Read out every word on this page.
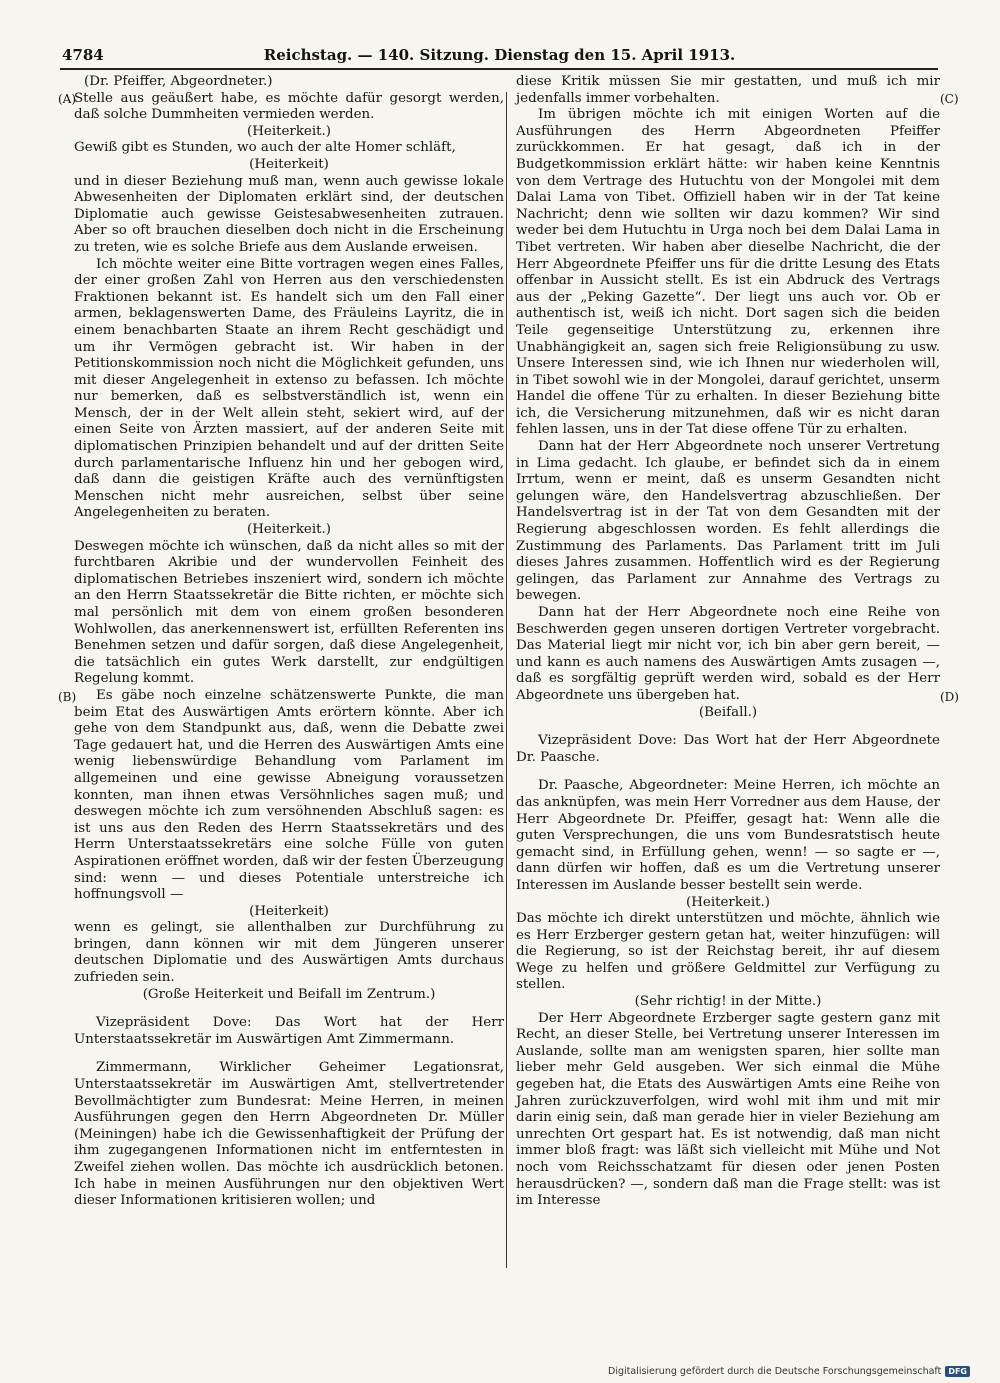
4784	Reichstag. — 140. Sitzung. Dienstag den 15. April 1913.
(A)
(B)
(C)
(D)

(Dr. Pfeiffer, Abgeordneter.)

Stelle aus geäußert habe, es möchte dafür gesorgt werden, daß solche Dummheiten vermieden werden.

(Heiterkeit.)

Gewiß gibt es Stunden, wo auch der alte Homer schläft,

(Heiterkeit)

und in dieser Beziehung muß man, wenn auch gewisse lokale Abwesenheiten der Diplomaten erklärt sind, der deutschen Diplomatie auch gewisse Geistesabwesenheiten zutrauen. Aber so oft brauchen dieselben doch nicht in die Erscheinung zu treten, wie es solche Briefe aus dem Auslande erweisen.

Ich möchte weiter eine Bitte vortragen wegen eines Falles, der einer großen Zahl von Herren aus den verschiedensten Fraktionen bekannt ist. Es handelt sich um den Fall einer armen, beklagenswerten Dame, des Fräuleins Layritz, die in einem benachbarten Staate an ihrem Recht geschädigt und um ihr Vermögen gebracht ist. Wir haben in der Petitionskommission noch nicht die Möglichkeit gefunden, uns mit dieser Angelegenheit in extenso zu befassen. Ich möchte nur bemerken, daß es selbstverständlich ist, wenn ein Mensch, der in der Welt allein steht, sekiert wird, auf der einen Seite von Ärzten massiert, auf der anderen Seite mit diplomatischen Prinzipien behandelt und auf der dritten Seite durch parlamentarische Influenz hin und her gebogen wird, daß dann die geistigen Kräfte auch des vernünftigsten Menschen nicht mehr ausreichen, selbst über seine Angelegenheiten zu beraten.

(Heiterkeit.)

Deswegen möchte ich wünschen, daß da nicht alles so mit der furchtbaren Akribie und der wundervollen Feinheit des diplomatischen Betriebes inszeniert wird, sondern ich möchte an den Herrn Staatssekretär die Bitte richten, er möchte sich mal persönlich mit dem von einem großen besonderen Wohlwollen, das anerkennenswert ist, erfüllten Referenten ins Benehmen setzen und dafür sorgen, daß diese Angelegenheit, die tatsächlich ein gutes Werk darstellt, zur endgültigen Regelung kommt.

Es gäbe noch einzelne schätzenswerte Punkte, die man beim Etat des Auswärtigen Amts erörtern könnte. Aber ich gehe von dem Standpunkt aus, daß, wenn die Debatte zwei Tage gedauert hat, und die Herren des Auswärtigen Amts eine wenig liebenswürdige Behandlung vom Parlament im allgemeinen und eine gewisse Abneigung voraussetzen konnten, man ihnen etwas Versöhnliches sagen muß; und deswegen möchte ich zum versöhnenden Abschluß sagen: es ist uns aus den Reden des Herrn Staatssekretärs und des Herrn Unterstaatssekretärs eine solche Fülle von guten Aspirationen eröffnet worden, daß wir der festen Überzeugung sind: wenn — und dieses Potentiale unterstreiche ich hoffnungsvoll —

(Heiterkeit)

wenn es gelingt, sie allenthalben zur Durchführung zu bringen, dann können wir mit dem Jüngeren unserer deutschen Diplomatie und des Auswärtigen Amts durchaus zufrieden sein.

(Große Heiterkeit und Beifall im Zentrum.)

Vizepräsident Dove: Das Wort hat der Herr Unterstaatssekretär im Auswärtigen Amt Zimmermann.

Zimmermann, Wirklicher Geheimer Legationsrat, Unterstaatssekretär im Auswärtigen Amt, stellvertretender Bevollmächtigter zum Bundesrat: Meine Herren, in meinen Ausführungen gegen den Herrn Abgeordneten Dr. Müller (Meiningen) habe ich die Gewissenhaftigkeit der Prüfung der ihm zugegangenen Informationen nicht im entferntesten in Zweifel ziehen wollen. Das möchte ich ausdrücklich betonen. Ich habe in meinen Ausführungen nur den objektiven Wert dieser Informationen kritisieren wollen; und

diese Kritik müssen Sie mir gestatten, und muß ich mir jedenfalls immer vorbehalten.

Im übrigen möchte ich mit einigen Worten auf die Ausführungen des Herrn Abgeordneten Pfeiffer zurückkommen. Er hat gesagt, daß ich in der Budgetkommission erklärt hätte: wir haben keine Kenntnis von dem Vertrage des Hutuchtu von der Mongolei mit dem Dalai Lama von Tibet. Offiziell haben wir in der Tat keine Nachricht; denn wie sollten wir dazu kommen? Wir sind weder bei dem Hutuchtu in Urga noch bei dem Dalai Lama in Tibet vertreten. Wir haben aber dieselbe Nachricht, die der Herr Abgeordnete Pfeiffer uns für die dritte Lesung des Etats offenbar in Aussicht stellt. Es ist ein Abdruck des Vertrags aus der „Peking Gazette“. Der liegt uns auch vor. Ob er authentisch ist, weiß ich nicht. Dort sagen sich die beiden Teile gegenseitige Unterstützung zu, erkennen ihre Unabhängigkeit an, sagen sich freie Religionsübung zu usw. Unsere Interessen sind, wie ich Ihnen nur wiederholen will, in Tibet sowohl wie in der Mongolei, darauf gerichtet, unserm Handel die offene Tür zu erhalten. In dieser Beziehung bitte ich, die Versicherung mitzunehmen, daß wir es nicht daran fehlen lassen, uns in der Tat diese offene Tür zu erhalten.

Dann hat der Herr Abgeordnete noch unserer Vertretung in Lima gedacht. Ich glaube, er befindet sich da in einem Irrtum, wenn er meint, daß es unserm Gesandten nicht gelungen wäre, den Handelsvertrag abzuschließen. Der Handelsvertrag ist in der Tat von dem Gesandten mit der Regierung abgeschlossen worden. Es fehlt allerdings die Zustimmung des Parlaments. Das Parlament tritt im Juli dieses Jahres zusammen. Hoffentlich wird es der Regierung gelingen, das Parlament zur Annahme des Vertrags zu bewegen.

Dann hat der Herr Abgeordnete noch eine Reihe von Beschwerden gegen unseren dortigen Vertreter vorgebracht. Das Material liegt mir nicht vor, ich bin aber gern bereit, — und kann es auch namens des Auswärtigen Amts zusagen —, daß es sorgfältig geprüft werden wird, sobald es der Herr Abgeordnete uns übergeben hat.

(Beifall.)

Vizepräsident Dove: Das Wort hat der Herr Abgeordnete Dr. Paasche.

Dr. Paasche, Abgeordneter: Meine Herren, ich möchte an das anknüpfen, was mein Herr Vorredner aus dem Hause, der Herr Abgeordnete Dr. Pfeiffer, gesagt hat: Wenn alle die guten Versprechungen, die uns vom Bundesratstisch heute gemacht sind, in Erfüllung gehen, wenn! — so sagte er —, dann dürfen wir hoffen, daß es um die Vertretung unserer Interessen im Auslande besser bestellt sein werde.

(Heiterkeit.)

Das möchte ich direkt unterstützen und möchte, ähnlich wie es Herr Erzberger gestern getan hat, weiter hinzufügen: will die Regierung, so ist der Reichstag bereit, ihr auf diesem Wege zu helfen und größere Geldmittel zur Verfügung zu stellen.

(Sehr richtig! in der Mitte.)

Der Herr Abgeordnete Erzberger sagte gestern ganz mit Recht, an dieser Stelle, bei Vertretung unserer Interessen im Auslande, sollte man am wenigsten sparen, hier sollte man lieber mehr Geld ausgeben. Wer sich einmal die Mühe gegeben hat, die Etats des Auswärtigen Amts eine Reihe von Jahren zurückzuverfolgen, wird wohl mit ihm und mit mir darin einig sein, daß man gerade hier in vieler Beziehung am unrechten Ort gespart hat. Es ist notwendig, daß man nicht immer bloß fragt: was läßt sich vielleicht mit Mühe und Not noch vom Reichsschatzamt für diesen oder jenen Posten herausdrücken? —, sondern daß man die Frage stellt: was ist im Interesse

Digitalisierung gefördert durch die Deutsche Forschungsgemeinschaft DFG
